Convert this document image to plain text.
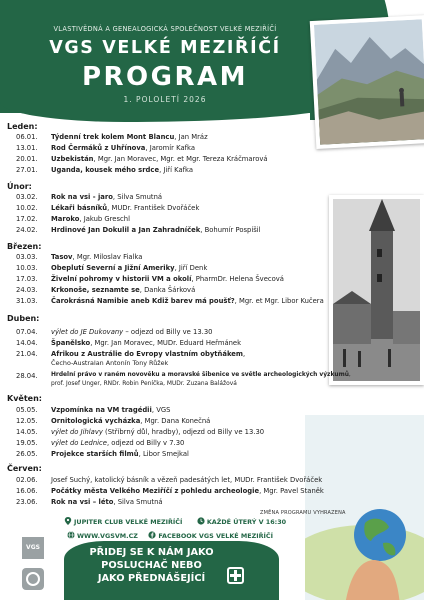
VLASTIVĚDNÁ A GENEALOGICKÁ SPOLEČNOST VELKÉ MEZIŘÍČÍ
VGS VELKÉ MEZIŘÍČÍ
PROGRAM
1. POLOLETÍ 2026
Leden:
06.01. Týdenní trek kolem Mont Blancu, Jan Mráz
13.01. Rod Čermáků z Uhřínova, Jaromír Kafka
20.01. Uzbekistán, Mgr. Jan Moravec, Mgr. et Mgr. Tereza Kráčmarová
27.01. Uganda, kousek mého srdce, Jiří Kafka
Únor:
03.02. Rok na vsi - jaro, Silva Smutná
10.02. Lékaři básníků, MUDr. František Dvořáček
17.02. Maroko, Jakub Greschl
24.02. Hrdinové Jan Dokulil a Jan Zahradníček, Bohumír Pospíšil
Březen:
03.03. Tasov, Mgr. Miloslav Fialka
10.03. Obeplutí Severní a Jižní Ameriky, Jiří Denk
17.03. Živelní pohromy v historii VM a okolí, PharmDr. Helena Švecová
24.03. Krkonoše, seznamte se, Danka Šárková
31.03. Čarokrásná Namibie aneb Kdiž barev má poušť?, Mgr. et Mgr. Libor Kučera
Duben:
07.04. výlet do JE Dukovany – odjezd od Billy ve 13.30
14.04. Španělsko, Mgr. Jan Moravec, MUDr. Eduard Heřmánek
21.04. Afrikou z Austrálie do Evropy vlastním obytňákem,
Čecho-Australan Antonín Tony Růžek
28.04. Hrdelní právo v raném novověku a moravské šibenice ve světle archeologických výzkumů,
prof. Josef Unger, RNDr. Robin Peníčka, MUDr. Zuzana Balážová
Květen:
05.05. Vzpomínka na VM tragédii, VGS
12.05. Ornitologická vycházka, Mgr. Dana Konečná
14.05. výlet do Jihlavy (Stříbrný důl, hradby), odjezd od Billy ve 13.30
19.05. výlet do Lednice, odjezd od Billy v 7.30
26.05. Projekce starších filmů, Libor Smejkal
Červen:
02.06. Josef Suchý, katolický básník a vězeň padesátých let, MUDr. František Dvořáček
16.06. Počátky města Velkého Meziříčí z pohledu archeologie, Mgr. Pavel Staněk
23.06. Rok na vsi – léto, Silva Smutná
ZMĚNA PROGRAMU VYHRAZENA
JUPITER CLUB VELKÉ MEZIŘÍČÍ	KAŽDÉ ÚTERÝ V 16:30
WWW.VGSVM.CZ	FACEBOOK VGS VELKÉ MEZIŘÍČÍ
PŘIDEJ SE K NÁM JAKO
POSLUCHAČ NEBO
JAKO PŘEDNÁŠEJÍCÍ
VGS
